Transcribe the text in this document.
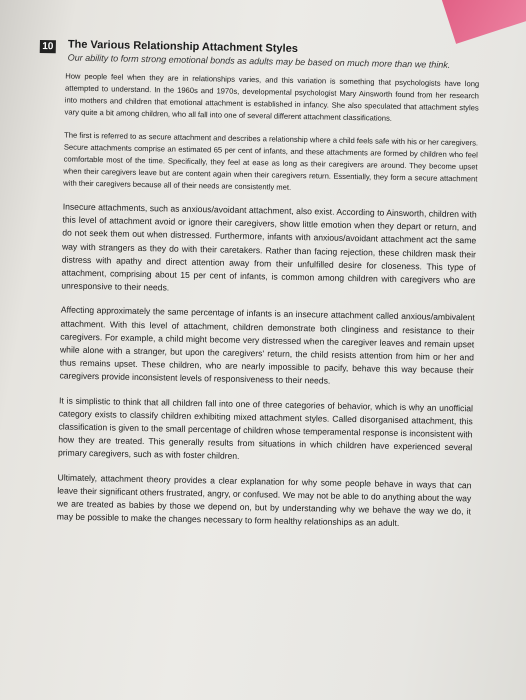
10 The Various Relationship Attachment Styles

Our ability to form strong emotional bonds as adults may be based on much more than we think.

How people feel when they are in relationships varies, and this variation is something that psychologists have long attempted to understand. In the 1960s and 1970s, developmental psychologist Mary Ainsworth found from her research into mothers and children that emotional attachment is established in infancy. She also speculated that attachment styles vary quite a bit among children, who all fall into one of several different attachment classifications.

The first is referred to as secure attachment and describes a relationship where a child feels safe with his or her caregivers. Secure attachments comprise an estimated 65 per cent of infants, and these attachments are formed by children who feel comfortable most of the time. Specifically, they feel at ease as long as their caregivers are around. They become upset when their caregivers leave but are content again when their caregivers return. Essentially, they form a secure attachment with their caregivers because all of their needs are consistently met.

Insecure attachments, such as anxious/avoidant attachment, also exist. According to Ainsworth, children with this level of attachment avoid or ignore their caregivers, show little emotion when they depart or return, and do not seek them out when distressed. Furthermore, infants with anxious/avoidant attachment act the same way with strangers as they do with their caretakers. Rather than facing rejection, these children mask their distress with apathy and direct attention away from their unfulfilled desire for closeness. This type of attachment, comprising about 15 per cent of infants, is common among children with caregivers who are unresponsive to their needs.

Affecting approximately the same percentage of infants is an insecure attachment called anxious/ambivalent attachment. With this level of attachment, children demonstrate both clinginess and resistance to their caregivers. For example, a child might become very distressed when the caregiver leaves and remain upset while alone with a stranger, but upon the caregivers' return, the child resists attention from him or her and thus remains upset. These children, who are nearly impossible to pacify, behave this way because their caregivers provide inconsistent levels of responsiveness to their needs.

It is simplistic to think that all children fall into one of three categories of behavior, which is why an unofficial category exists to classify children exhibiting mixed attachment styles. Called disorganised attachment, this classification is given to the small percentage of children whose temperamental response is inconsistent with how they are treated. This generally results from situations in which children have experienced several primary caregivers, such as with foster children.

Ultimately, attachment theory provides a clear explanation for why some people behave in ways that can leave their significant others frustrated, angry, or confused. We may not be able to do anything about the way we are treated as babies by those we depend on, but by understanding why we behave the way we do, it may be possible to make the changes necessary to form healthy relationships as an adult.
